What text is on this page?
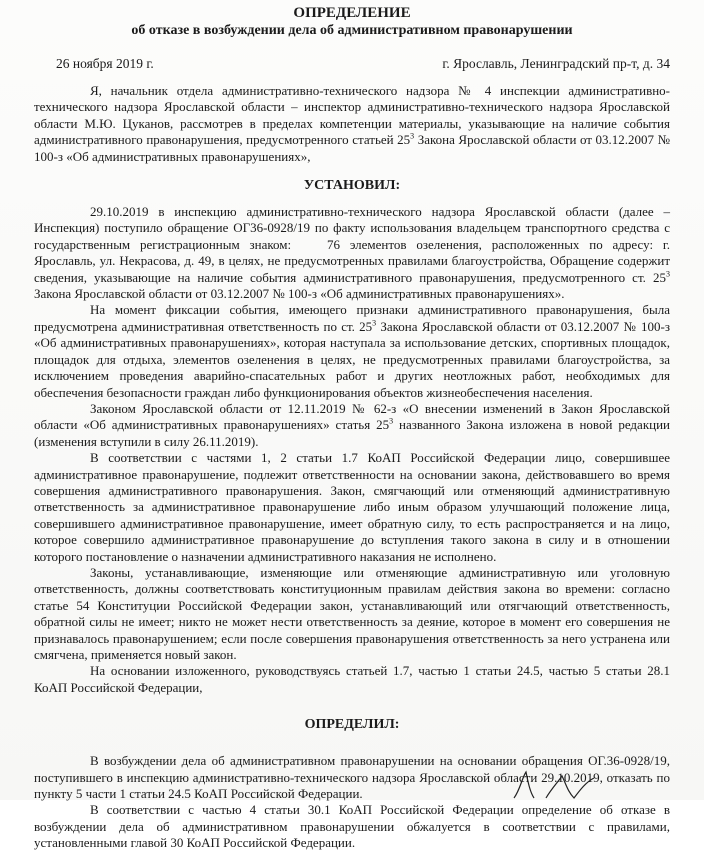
ОПРЕДЕЛЕНИЕ
об отказе в возбуждении дела об административном правонарушении
26 ноября 2019 г.	г. Ярославль, Ленинградский пр-т, д. 34

Я, начальник отдела административно-технического надзора № 4 инспекции административно-технического надзора Ярославской области – инспектор административно-технического надзора Ярославской области М.Ю. Цуканов, рассмотрев в пределах компетенции материалы, указывающие на наличие события административного правонарушения, предусмотренного статьей $25^3$ Закона Ярославской области от 03.12.2007 № 100-з «Об административных правонарушениях»,

УСТАНОВИЛ:

29.10.2019 в инспекцию административно-технического надзора Ярославской области (далее – Инспекция) поступило обращение ОГ36-0928/19 по факту использования владельцем транспортного средства с государственным регистрационным знаком:	76 элементов озеленения, расположенных по адресу: г. Ярославль, ул. Некрасова, д. 49, в целях, не предусмотренных правилами благоустройства, Обращение содержит сведения, указывающие на наличие события административного правонарушения, предусмотренного ст. $25^3$ Закона Ярославской области от 03.12.2007 № 100-з «Об административных правонарушениях».

На момент фиксации события, имеющего признаки административного правонарушения, была предусмотрена административная ответственность по ст. $25^3$ Закона Ярославской области от 03.12.2007 № 100-з «Об административных правонарушениях», которая наступала за использование детских, спортивных площадок, площадок для отдыха, элементов озеленения в целях, не предусмотренных правилами благоустройства, за исключением проведения аварийно-спасательных работ и других неотложных работ, необходимых для обеспечения безопасности граждан либо функционирования объектов жизнеобеспечения населения.

Законом Ярославской области от 12.11.2019 № 62-з «О внесении изменений в Закон Ярославской области «Об административных правонарушениях» статья $25^3$ названного Закона изложена в новой редакции (изменения вступили в силу 26.11.2019).

В соответствии с частями 1, 2 статьи 1.7 КоАП Российской Федерации лицо, совершившее административное правонарушение, подлежит ответственности на основании закона, действовавшего во время совершения административного правонарушения. Закон, смягчающий или отменяющий административную ответственность за административное правонарушение либо иным образом улучшающий положение лица, совершившего административное правонарушение, имеет обратную силу, то есть распространяется и на лицо, которое совершило административное правонарушение до вступления такого закона в силу и в отношении которого постановление о назначении административного наказания не исполнено.

Законы, устанавливающие, изменяющие или отменяющие административную или уголовную ответственность, должны соответствовать конституционным правилам действия закона во времени: согласно статье 54 Конституции Российской Федерации закон, устанавливающий или отягчающий ответственность, обратной силы не имеет; никто не может нести ответственность за деяние, которое в момент его совершения не признавалось правонарушением; если после совершения правонарушения ответственность за него устранена или смягчена, применяется новый закон.

На основании изложенного, руководствуясь статьей 1.7, частью 1 статьи 24.5, частью 5 статьи 28.1 КоАП Российской Федерации,

ОПРЕДЕЛИЛ:

В возбуждении дела об административном правонарушении на основании обращения ОГ.36-0928/19, поступившего в инспекцию административно-технического надзора Ярославской области 29.10.2019, отказать по пункту 5 части 1 статьи 24.5 КоАП Российской Федерации.

В соответствии с частью 4 статьи 30.1 КоАП Российской Федерации определение об отказе в возбуждении дела об административном правонарушении обжалуется в соответствии с правилами, установленными главой 30 КоАП Российской Федерации.
